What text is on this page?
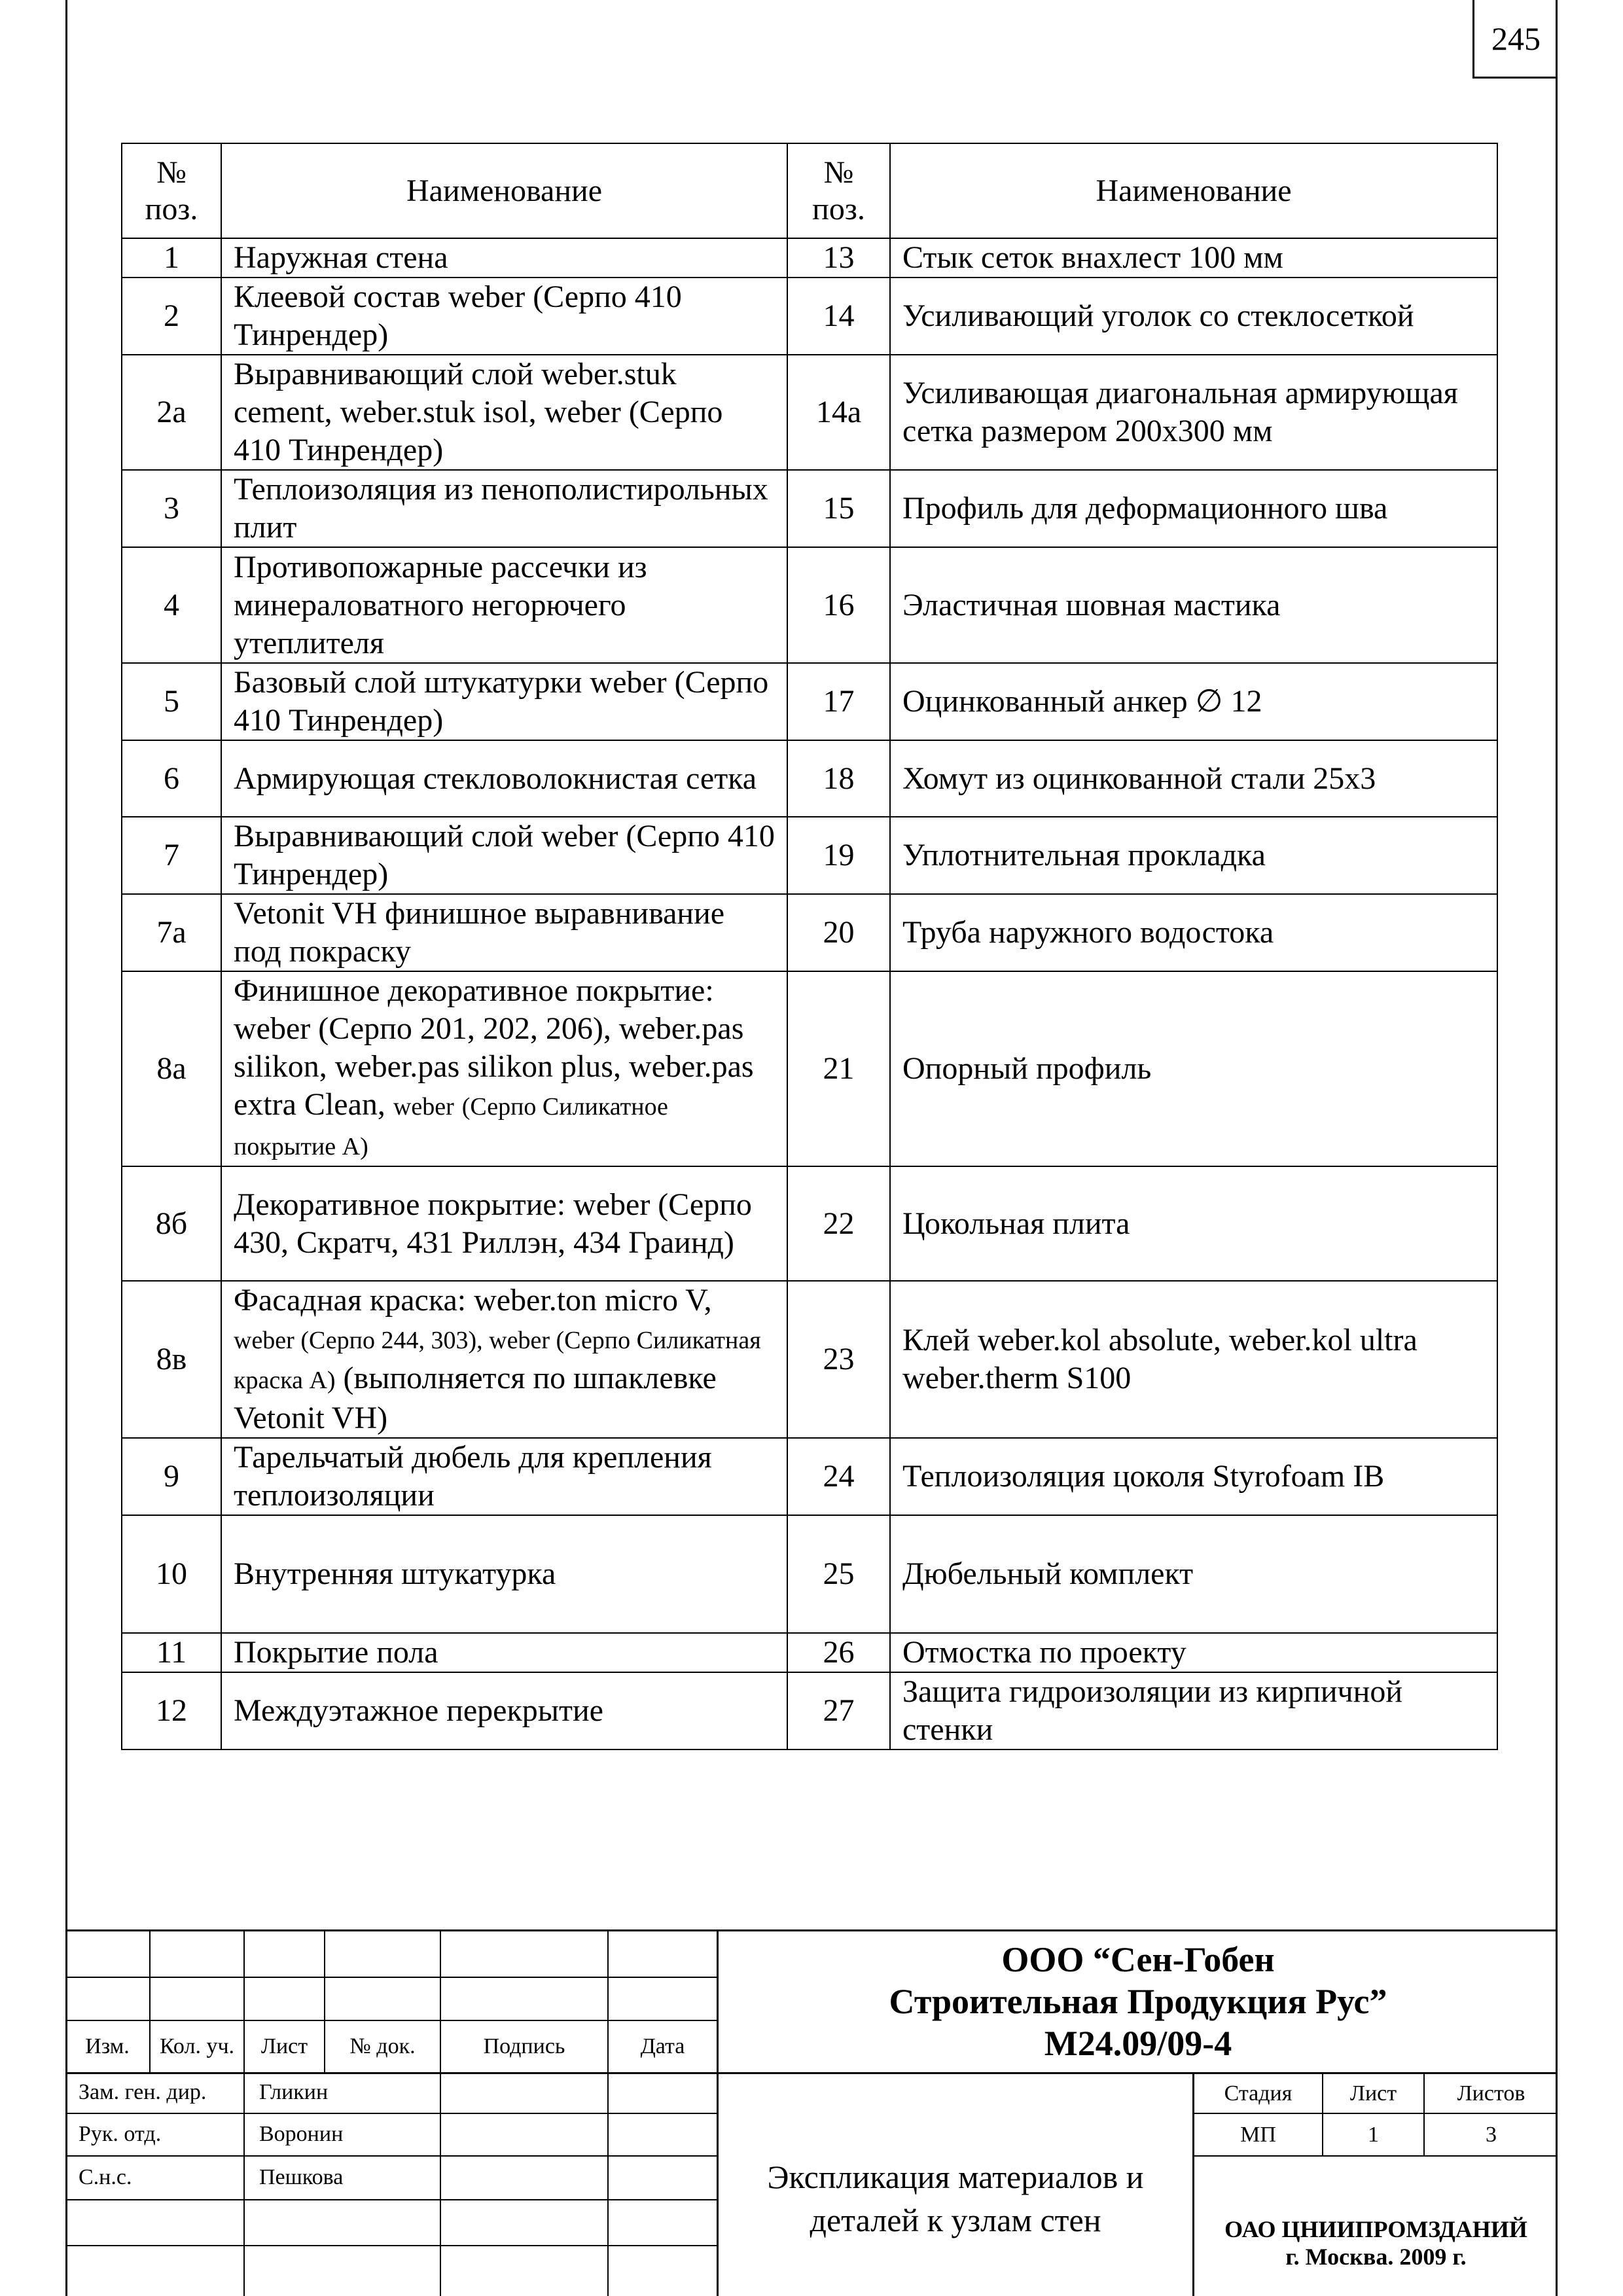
245
№ поз.	Наименование	№ поз.	Наименование
1	Наружная стена	13	Стык сеток внахлест 100 мм
2	Клеевой состав weber (Серпо 410 Тинрендер)	14	Усиливающий уголок со стеклосеткой
2а	Выравнивающий слой weber.stuk cement, weber.stuk isol, weber (Серпо 410 Тинрендер)	14а	Усиливающая диагональная армирующая сетка размером 200х300 мм
3	Теплоизоляция из пенополистирольных плит	15	Профиль для деформационного шва
4	Противопожарные рассечки из минераловатного негорючего утеплителя	16	Эластичная шовная мастика
5	Базовый слой штукатурки weber (Серпо 410 Тинрендер)	17	Оцинкованный анкер ∅ 12
6	Армирующая стекловолокнистая сетка	18	Хомут из оцинкованной стали 25х3
7	Выравнивающий слой weber (Серпо 410 Тинрендер)	19	Уплотнительная прокладка
7а	Vetonit VH финишное выравнивание под покраску	20	Труба наружного водостока
8а	Финишное декоративное покрытие: weber (Серпо 201, 202, 206), weber.pas silikon, weber.pas silikon plus, weber.pas extra Clean, weber (Серпо Силикатное покрытие А)	21	Опорный профиль
8б	Декоративное покрытие: weber (Серпо 430, Скратч, 431 Риллэн, 434 Граинд)	22	Цокольная плита
8в	Фасадная краска: weber.ton micro V, weber (Серпо 244, 303), weber (Серпо Силикатная краска А) (выполняется по шпаклевке Vetonit VH)	23	Клей weber.kol absolute, weber.kol ultra weber.therm S100
9	Тарельчатый дюбель для крепления теплоизоляции	24	Теплоизоляция цоколя Styrofoam IB
10	Внутренняя штукатурка	25	Дюбельный комплект
11	Покрытие пола	26	Отмостка по проекту
12	Междуэтажное перекрытие	27	Защита гидроизоляции из кирпичной стенки
Изм.	Кол. уч.	Лист	№ док.	Подпись	Дата
Зам. ген. дир. Гликин
Рук. отд.	Воронин
С.н.с.	Пешкова
ООО “Сен-Гобен
Строительная Продукция Рус”
М24.09/09-4
Экспликация материалов и деталей к узлам стен
Стадия	Лист	Листов
МП	1	3
ОАО ЦНИИПРОМЗДАНИЙ
г. Москва. 2009 г.
